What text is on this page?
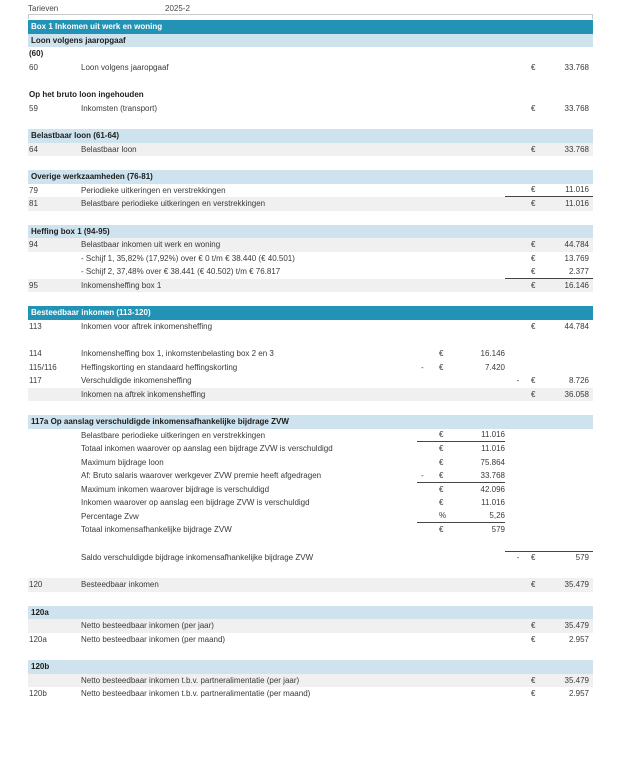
Tarieven	2025-2
Box 1 Inkomen uit werk en woning
Loon volgens jaaropgaaf
(60)
60	Loon volgens jaaropgaaf	€	33.768
Op het bruto loon ingehouden
59	Inkomsten (transport)	€	33.768
Belastbaar loon (61-64)
64	Belastbaar loon	€	33.768
Overige werkzaamheden (76-81)
79	Periodieke uitkeringen en verstrekkingen	€	11.016
81	Belastbare periodieke uitkeringen en verstrekkingen	€	11.016
Heffing box 1 (94-95)
94	Belastbaar inkomen uit werk en woning	€	44.784
- Schijf 1, 35,82% (17,92%) over € 0 t/m € 38.440 (€ 40.501)	€	13.769
- Schijf 2, 37,48% over € 38.441 (€ 40.502) t/m € 76.817	€	2.377
95	Inkomensheffing box 1	€	16.146
Besteedbaar inkomen (113-120)
113	Inkomen voor aftrek inkomensheffing	€	44.784
114	Inkomensheffing box 1, inkomstenbelasting box 2 en 3	€	16.146
115/116	Heffingskorting en standaard heffingskorting	-	€	7.420
117	Verschuldigde inkomensheffing	-	€	8.726
Inkomen na aftrek inkomensheffing	€	36.058
117a Op aanslag verschuldigde inkomensafhankelijke bijdrage ZVW
Belastbare periodieke uitkeringen en verstrekkingen	€	11.016
Totaal inkomen waarover op aanslag een bijdrage ZVW is verschuldigd	€	11.016
Maximum bijdrage loon	€	75.864
Af: Bruto salaris waarover werkgever ZVW premie heeft afgedragen	-	€	33.768
Maximum inkomen waarover bijdrage is verschuldigd	€	42.096
Inkomen waarover op aanslag een bijdrage ZVW is verschuldigd	€	11.016
Percentage Zvw	%	5,26
Totaal inkomensafhankelijke bijdrage ZVW	€	579
Saldo verschuldigde bijdrage inkomensafhankelijke bijdrage ZVW	-	€	579
120	Besteedbaar inkomen	€	35.479
120a
Netto besteedbaar inkomen (per jaar)	€	35.479
120a	Netto besteedbaar inkomen (per maand)	€	2.957
120b
Netto besteedbaar inkomen t.b.v. partneralimentatie (per jaar)	€	35.479
120b	Netto besteedbaar inkomen t.b.v. partneralimentatie (per maand)	€	2.957
